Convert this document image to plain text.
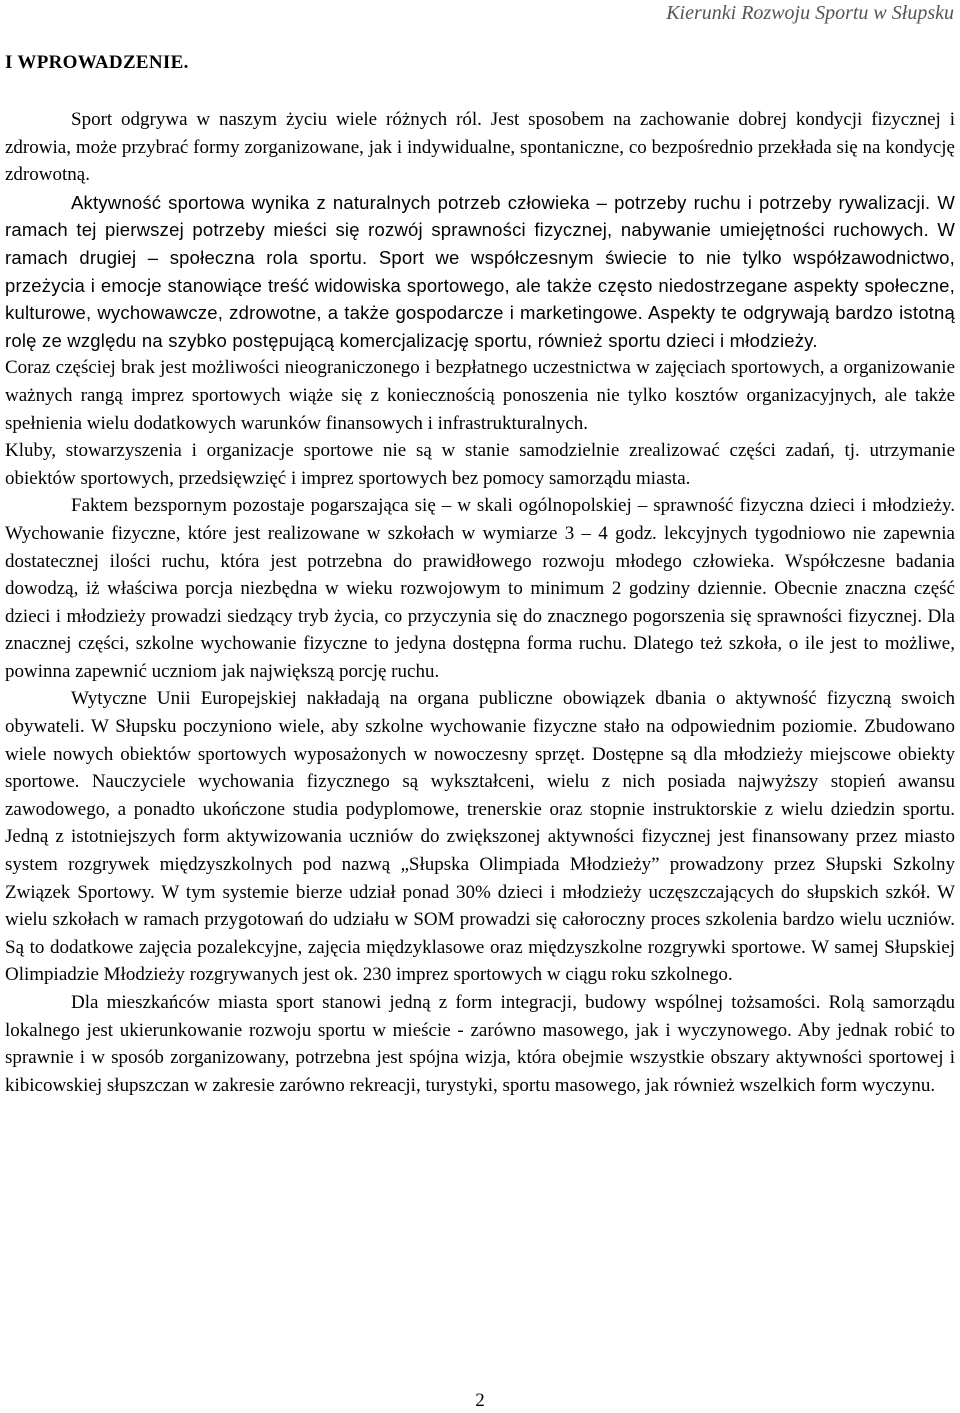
Kierunki Rozwoju Sportu w Słupsku
I WPROWADZENIE.

Sport odgrywa w naszym życiu wiele różnych ról. Jest sposobem na zachowanie dobrej kondycji fizycznej i zdrowia, może przybrać formy zorganizowane, jak i indywidualne, spontaniczne, co bezpośrednio przekłada się na kondycję zdrowotną.

Aktywność sportowa wynika z naturalnych potrzeb człowieka – potrzeby ruchu i potrzeby rywalizacji. W ramach tej pierwszej potrzeby mieści się rozwój sprawności fizycznej, nabywanie umiejętności ruchowych. W ramach drugiej – społeczna rola sportu. Sport we współczesnym świecie to nie tylko współzawodnictwo, przeżycia i emocje stanowiące treść widowiska sportowego, ale także często niedostrzegane aspekty społeczne, kulturowe, wychowawcze, zdrowotne, a także gospodarcze i marketingowe. Aspekty te odgrywają bardzo istotną rolę ze względu na szybko postępującą komercjalizację sportu, również sportu dzieci i młodzieży.

Coraz częściej brak jest możliwości nieograniczonego i bezpłatnego uczestnictwa w zajęciach sportowych, a organizowanie ważnych rangą imprez sportowych wiąże się z koniecznością ponoszenia nie tylko kosztów organizacyjnych, ale także spełnienia wielu dodatkowych warunków finansowych i infrastrukturalnych.

Kluby, stowarzyszenia i organizacje sportowe nie są w stanie samodzielnie zrealizować części zadań, tj. utrzymanie obiektów sportowych, przedsięwzięć i imprez sportowych bez pomocy samorządu miasta.

Faktem bezspornym pozostaje pogarszająca się – w skali ogólnopolskiej – sprawność fizyczna dzieci i młodzieży. Wychowanie fizyczne, które jest realizowane w szkołach w wymiarze 3 – 4 godz. lekcyjnych tygodniowo nie zapewnia dostatecznej ilości ruchu, która jest potrzebna do prawidłowego rozwoju młodego człowieka. Współczesne badania dowodzą, iż właściwa porcja niezbędna w wieku rozwojowym to minimum 2 godziny dziennie. Obecnie znaczna część dzieci i młodzieży prowadzi siedzący tryb życia, co przyczynia się do znacznego pogorszenia się sprawności fizycznej. Dla znacznej części, szkolne wychowanie fizyczne to jedyna dostępna forma ruchu. Dlatego też szkoła, o ile jest to możliwe, powinna zapewnić uczniom jak największą porcję ruchu.

Wytyczne Unii Europejskiej nakładają na organa publiczne obowiązek dbania o aktywność fizyczną swoich obywateli. W Słupsku poczyniono wiele, aby szkolne wychowanie fizyczne stało na odpowiednim poziomie. Zbudowano wiele nowych obiektów sportowych wyposażonych w nowoczesny sprzęt. Dostępne są dla młodzieży miejscowe obiekty sportowe. Nauczyciele wychowania fizycznego są wykształceni, wielu z nich posiada najwyższy stopień awansu zawodowego, a ponadto ukończone studia podyplomowe, trenerskie oraz stopnie instruktorskie z wielu dziedzin sportu. Jedną z istotniejszych form aktywizowania uczniów do zwiększonej aktywności fizycznej jest finansowany przez miasto system rozgrywek międzyszkolnych pod nazwą „Słupska Olimpiada Młodzieży” prowadzony przez Słupski Szkolny Związek Sportowy. W tym systemie bierze udział ponad 30% dzieci i młodzieży uczęszczających do słupskich szkół. W wielu szkołach w ramach przygotowań do udziału w SOM prowadzi się całoroczny proces szkolenia bardzo wielu uczniów. Są to dodatkowe zajęcia pozalekcyjne, zajęcia międzyklasowe oraz międzyszkolne rozgrywki sportowe. W samej Słupskiej Olimpiadzie Młodzieży rozgrywanych jest ok. 230 imprez sportowych w ciągu roku szkolnego.

Dla mieszkańców miasta sport stanowi jedną z form integracji, budowy wspólnej tożsamości. Rolą samorządu lokalnego jest ukierunkowanie rozwoju sportu w mieście - zarówno masowego, jak i wyczynowego. Aby jednak robić to sprawnie i w sposób zorganizowany, potrzebna jest spójna wizja, która obejmie wszystkie obszary aktywności sportowej i kibicowskiej słupszczan w zakresie zarówno rekreacji, turystyki, sportu masowego, jak również wszelkich form wyczynu.

2
